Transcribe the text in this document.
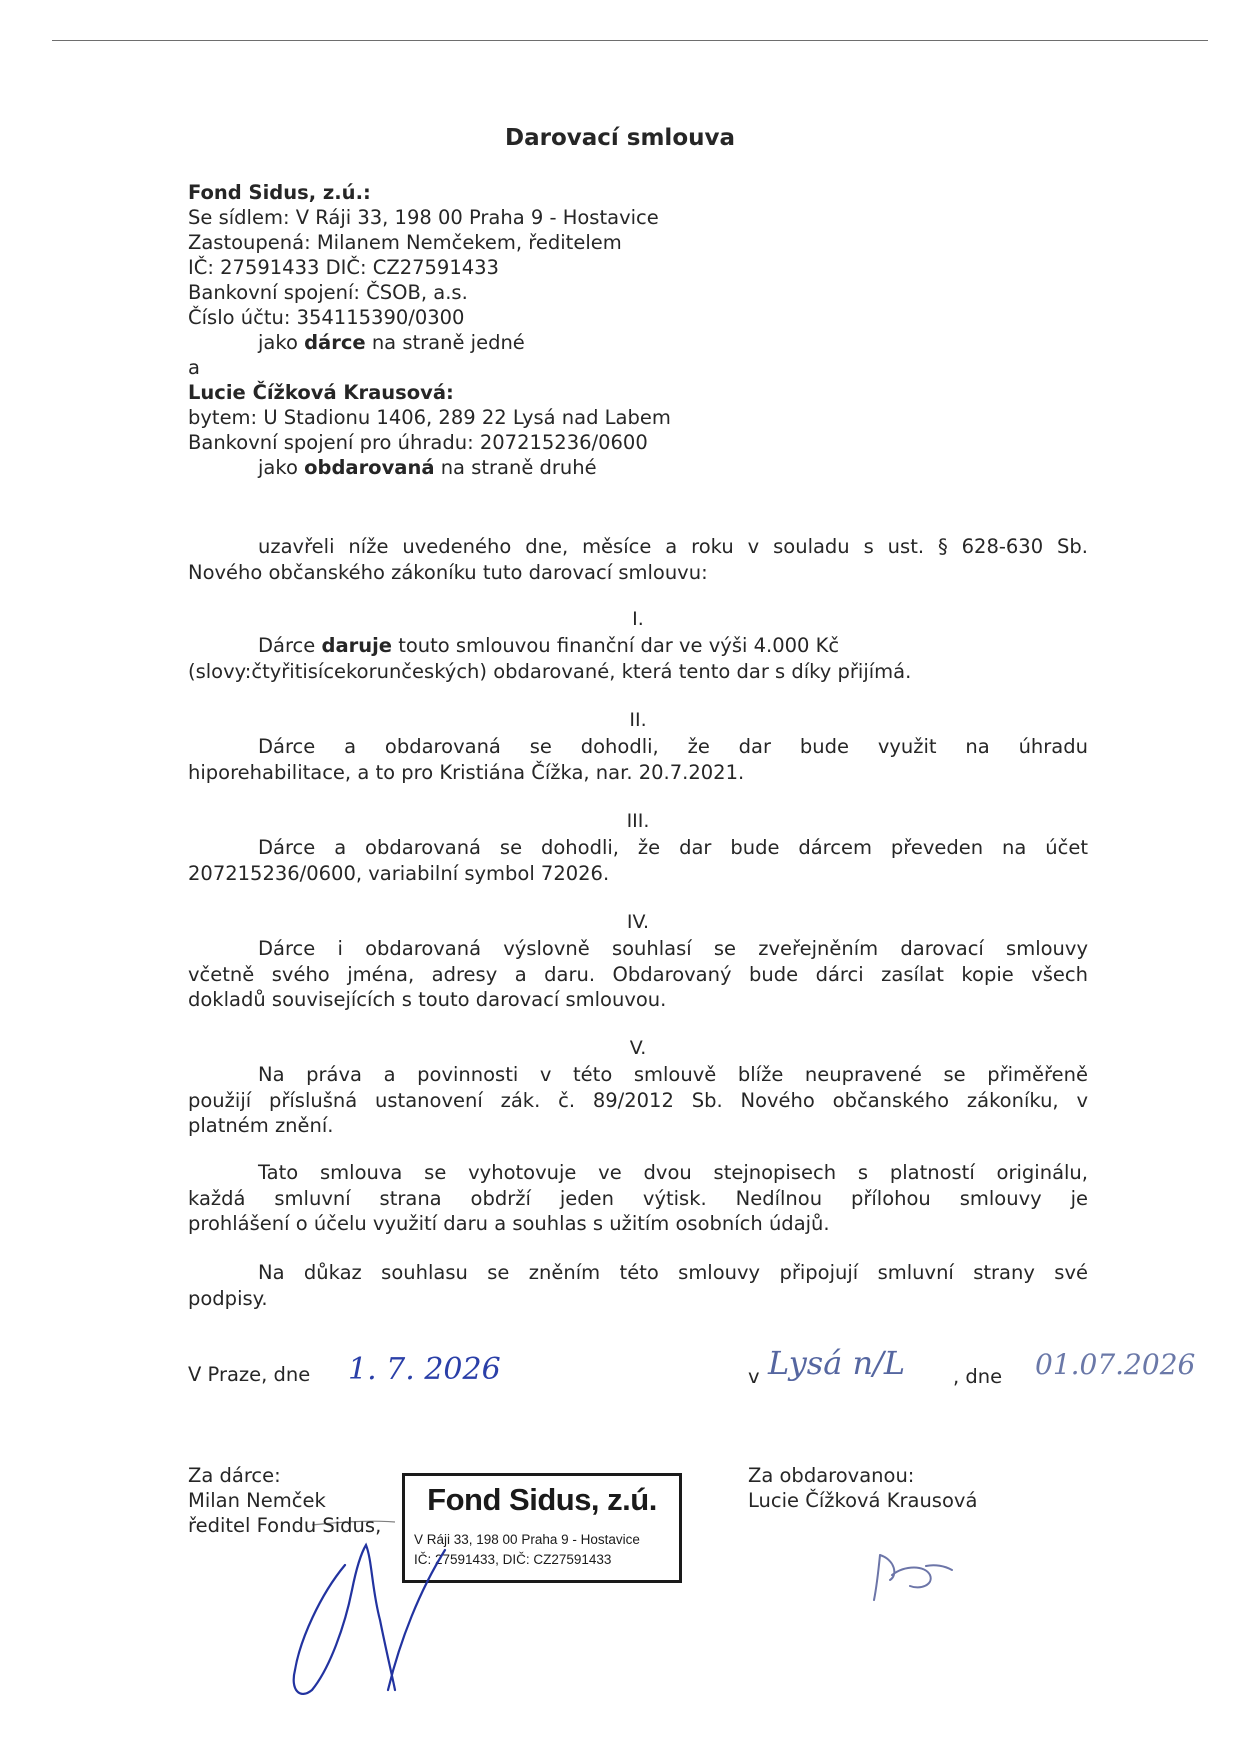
Darovací smlouva
Fond Sidus, z.ú.:
Se sídlem: V Ráji 33, 198 00 Praha 9 - Hostavice
Zastoupená: Milanem Nemčekem, ředitelem
IČ: 27591433 DIČ: CZ27591433
Bankovní spojení: ČSOB, a.s.
Číslo účtu: 354115390/0300
jako dárce na straně jedné
a
Lucie Čížková Krausová:
bytem: U Stadionu 1406, 289 22 Lysá nad Labem
Bankovní spojení pro úhradu: 207215236/0600
jako obdarovaná na straně druhé
uzavřeli níže uvedeného dne, měsíce a roku v souladu s ust. § 628-630 Sb.
Nového občanského zákoníku tuto darovací smlouvu:
I.
Dárce daruje touto smlouvou finanční dar ve výši 4.000 Kč
(slovy:čtyřitisícekorunčeských) obdarované, která tento dar s díky přijímá.
II.
Dárce a obdarovaná se dohodli, že dar bude využit na úhradu
hiporehabilitace, a to pro Kristiána Čížka, nar. 20.7.2021.
III.
Dárce a obdarovaná se dohodli, že dar bude dárcem převeden na účet
207215236/0600, variabilní symbol 72026.
IV.
Dárce i obdarovaná výslovně souhlasí se zveřejněním darovací smlouvy
včetně svého jména, adresy a daru. Obdarovaný bude dárci zasílat kopie všech
dokladů souvisejících s touto darovací smlouvou.
V.
Na práva a povinnosti v této smlouvě blíže neupravené se přiměřeně
použijí příslušná ustanovení zák. č. 89/2012 Sb. Nového občanského zákoníku, v
platném znění.
Tato smlouva se vyhotovuje ve dvou stejnopisech s platností originálu,
každá smluvní strana obdrží jeden výtisk. Nedílnou přílohou smlouvy je
prohlášení o účelu využití daru a souhlas s užitím osobních údajů.
Na důkaz souhlasu se zněním této smlouvy připojují smluvní strany své
podpisy.
V Praze, dne 1. 7. 2026	v Lysá n/L , dne 01.07.2026
Za dárce:
Milan Nemček
ředitel Fondu Sidus,
Za obdarovanou:
Lucie Čížková Krausová
Fond Sidus, z.ú.
V Ráji 33, 198 00 Praha 9 - Hostavice
IČ: 27591433, DIČ: CZ27591433
